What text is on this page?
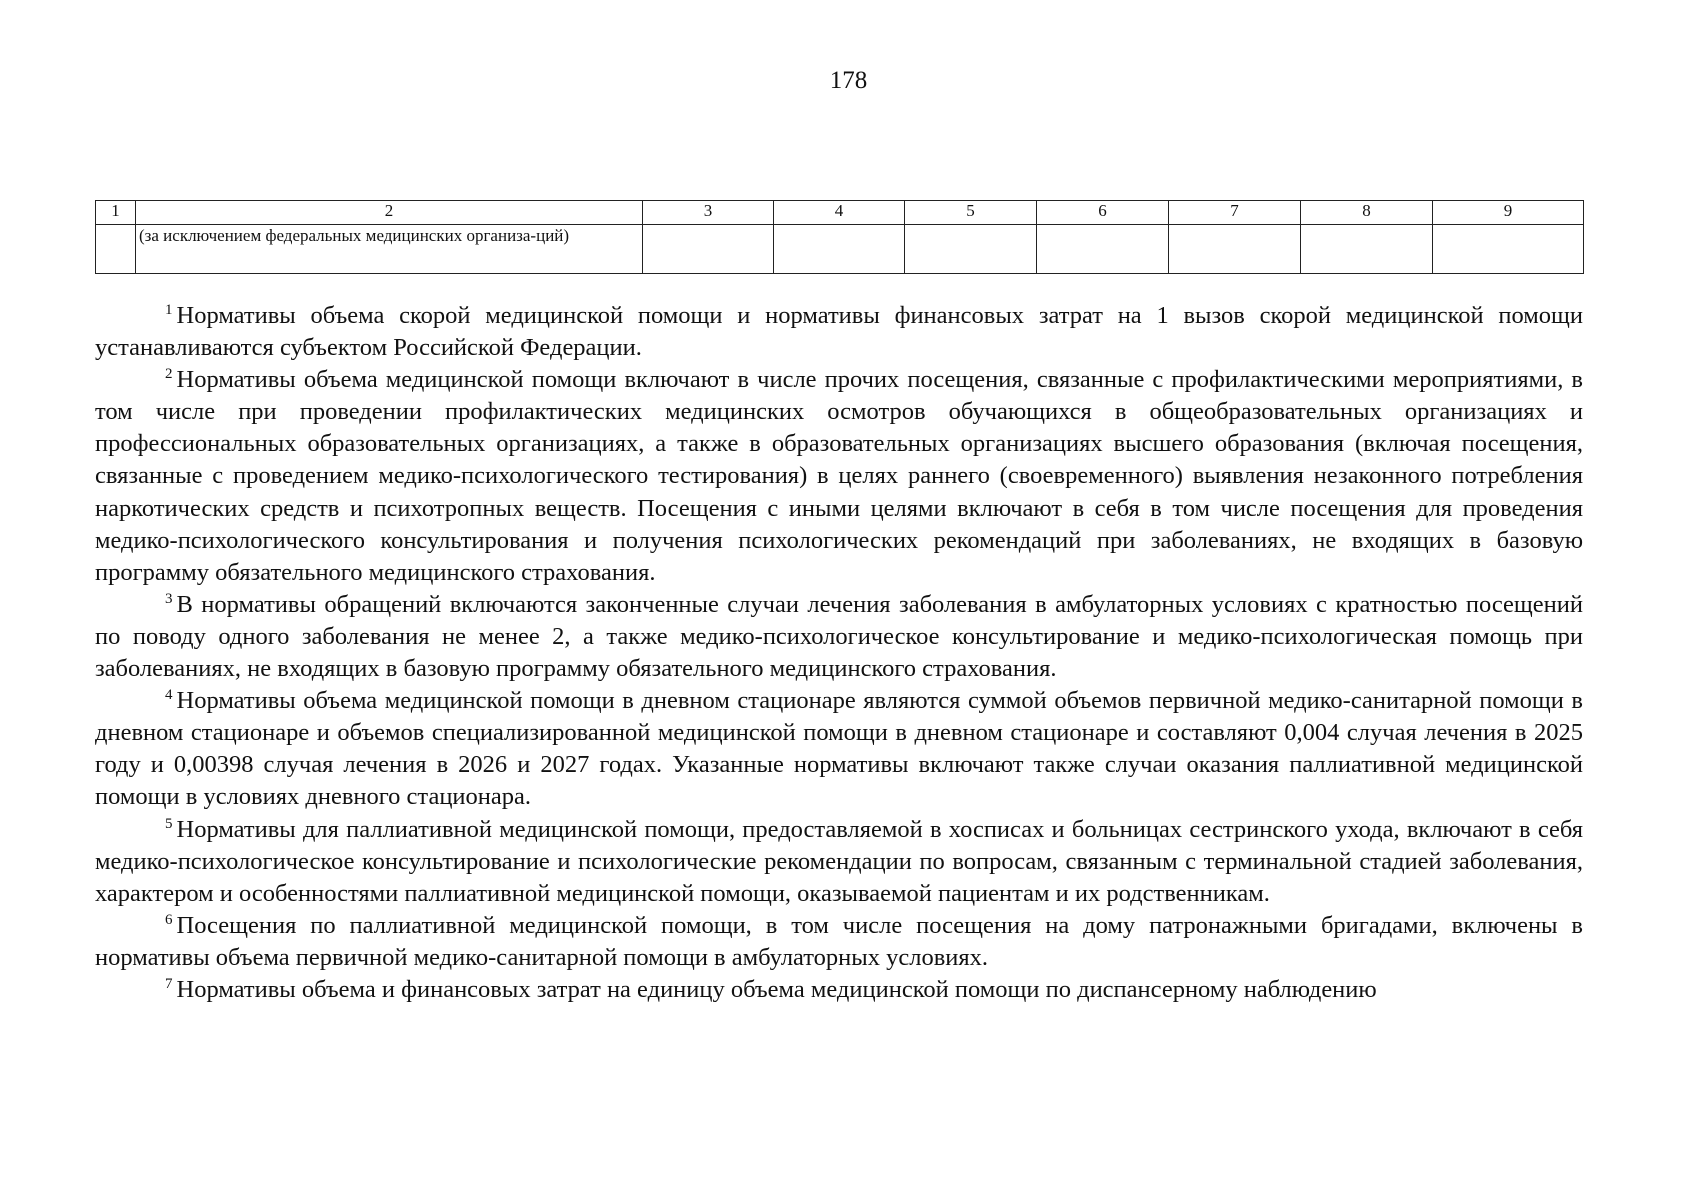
178
1	2	3	4	5	6	7	8	9
	(за исключением федеральных медицинских организа-ций)							

$^1$ Нормативы объема скорой медицинской помощи и нормативы финансовых затрат на 1 вызов скорой медицинской помощи устанавливаются субъектом Российской Федерации.

$^2$ Нормативы объема медицинской помощи включают в числе прочих посещения, связанные с профилактическими мероприятиями, в том числе при проведении профилактических медицинских осмотров обучающихся в общеобразовательных организациях и профессиональных образовательных организациях, а также в образовательных организациях высшего образования (включая посещения, связанные с проведением медико-психологического тестирования) в целях раннего (своевременного) выявления незаконного потребления наркотических средств и психотропных веществ. Посещения с иными целями включают в себя в том числе посещения для проведения медико-психологического консультирования и получения психологических рекомендаций при заболеваниях, не входящих в базовую программу обязательного медицинского страхования.

$^3$ В нормативы обращений включаются законченные случаи лечения заболевания в амбулаторных условиях с кратностью посещений по поводу одного заболевания не менее 2, а также медико-психологическое консультирование и медико-психологическая помощь при заболеваниях, не входящих в базовую программу обязательного медицинского страхования.

$^4$ Нормативы объема медицинской помощи в дневном стационаре являются суммой объемов первичной медико-санитарной помощи в дневном стационаре и объемов специализированной медицинской помощи в дневном стационаре и составляют 0,004 случая лечения в 2025 году и 0,00398 случая лечения в 2026 и 2027 годах. Указанные нормативы включают также случаи оказания паллиативной медицинской помощи в условиях дневного стационара.

$^5$ Нормативы для паллиативной медицинской помощи, предоставляемой в хосписах и больницах сестринского ухода, включают в себя медико-психологическое консультирование и психологические рекомендации по вопросам, связанным с терминальной стадией заболевания, характером и особенностями паллиативной медицинской помощи, оказываемой пациентам и их родственникам.

$^6$ Посещения по паллиативной медицинской помощи, в том числе посещения на дому патронажными бригадами, включены в нормативы объема первичной медико-санитарной помощи в амбулаторных условиях.

$^7$ Нормативы объема и финансовых затрат на единицу объема медицинской помощи по диспансерному наблюдению
